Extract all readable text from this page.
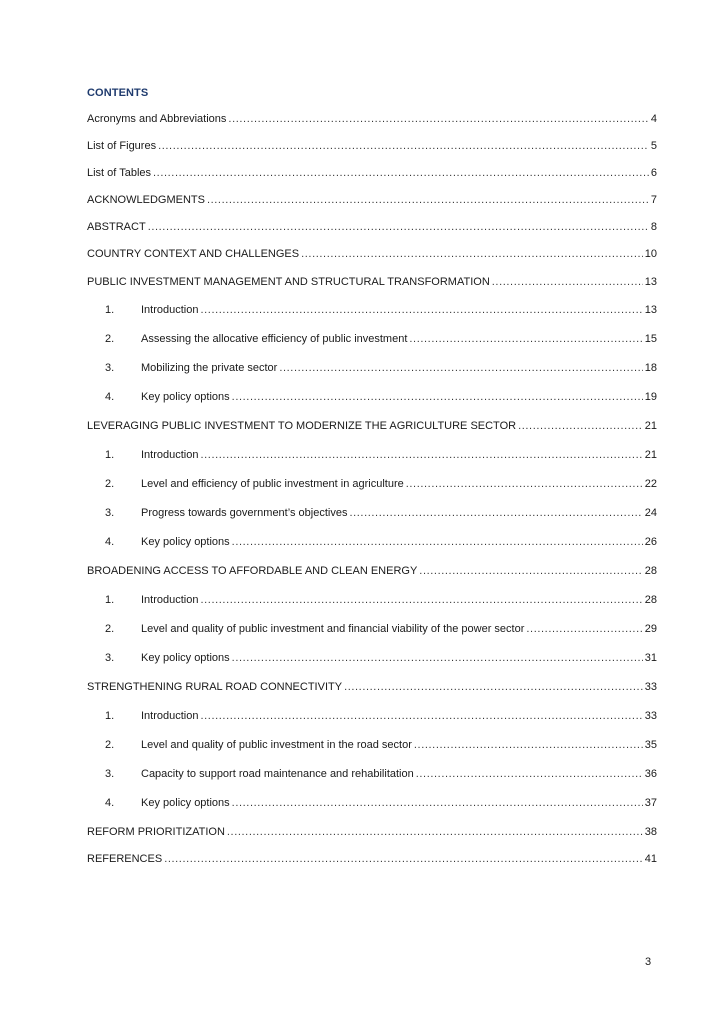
CONTENTS
Acronyms and Abbreviations .....	4
List of Figures .....	5
List of Tables .....	6
ACKNOWLEDGMENTS .....	7
ABSTRACT .....	8
COUNTRY CONTEXT AND CHALLENGES .....	10
PUBLIC INVESTMENT MANAGEMENT AND STRUCTURAL TRANSFORMATION .....	13
1.	Introduction .....	13
2.	Assessing the allocative efficiency of public investment .....	15
3.	Mobilizing the private sector .....	18
4.	Key policy options .....	19
LEVERAGING PUBLIC INVESTMENT TO MODERNIZE THE AGRICULTURE SECTOR .....	21
1.	Introduction .....	21
2.	Level and efficiency of public investment in agriculture .....	22
3.	Progress towards government’s objectives .....	24
4.	Key policy options .....	26
BROADENING ACCESS TO AFFORDABLE AND CLEAN ENERGY .....	28
1.	Introduction .....	28
2.	Level and quality of public investment and financial viability of the power sector .....	29
3.	Key policy options .....	31
STRENGTHENING RURAL ROAD CONNECTIVITY .....	33
1.	Introduction .....	33
2.	Level and quality of public investment in the road sector .....	35
3.	Capacity to support road maintenance and rehabilitation .....	36
4.	Key policy options .....	37
REFORM PRIORITIZATION .....	38
REFERENCES .....	41
3
